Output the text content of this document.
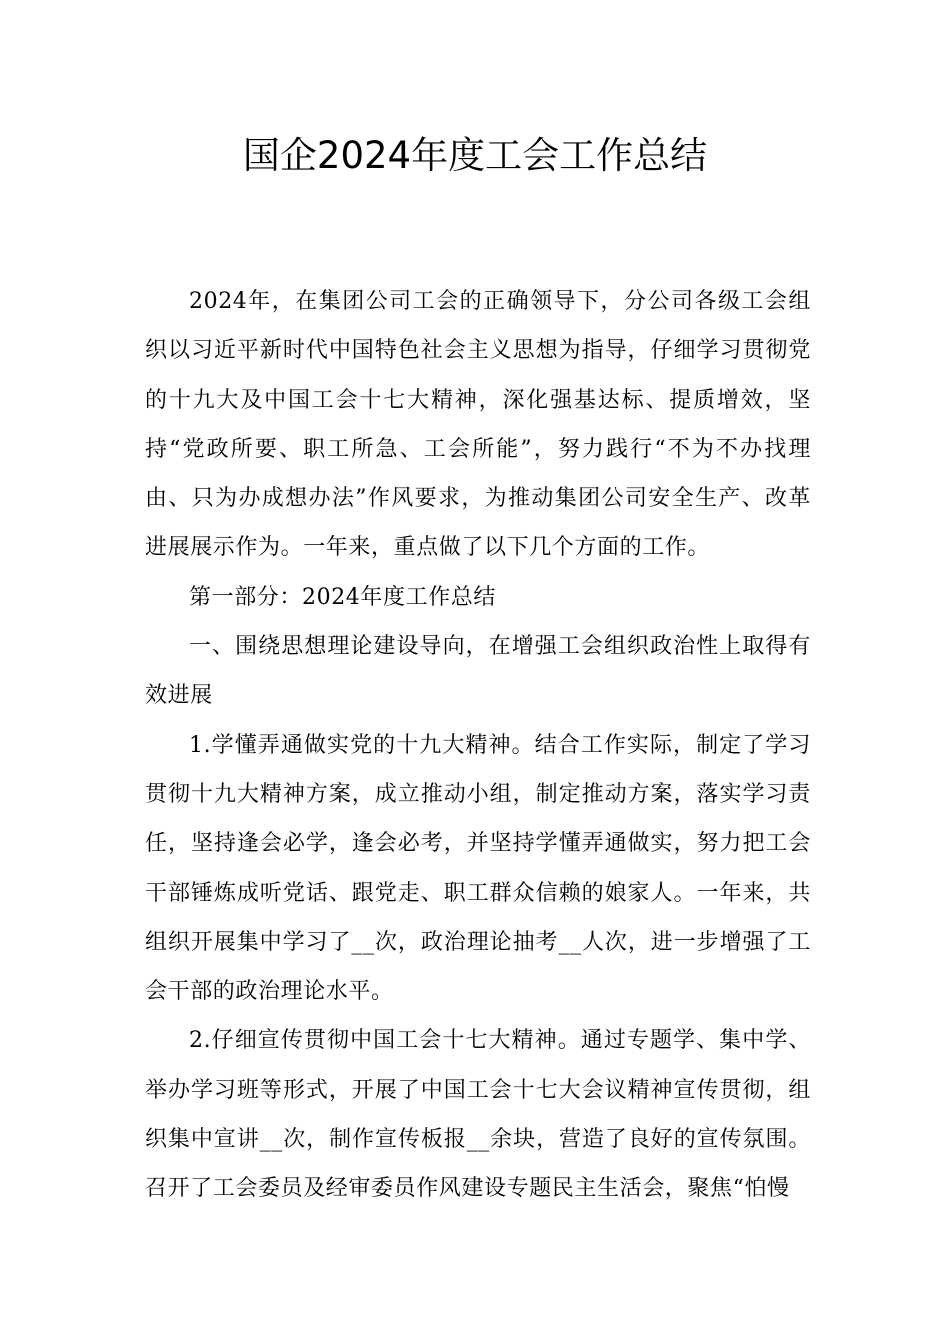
国企2024年度工会工作总结

2024年，在集团公司工会的正确领导下，分公司各级工会组织以习近平新时代中国特色社会主义思想为指导，仔细学习贯彻党的十九大及中国工会十七大精神，深化强基达标、提质增效，坚持“党政所要、职工所急、工会所能”，努力践行“不为不办找理由、只为办成想办法”作风要求，为推动集团公司安全生产、改革进展展示作为。一年来，重点做了以下几个方面的工作。

第一部分：2024年度工作总结

一、围绕思想理论建设导向，在增强工会组织政治性上取得有效进展

1.学懂弄通做实党的十九大精神。结合工作实际，制定了学习贯彻十九大精神方案，成立推动小组，制定推动方案，落实学习责任，坚持逢会必学，逢会必考，并坚持学懂弄通做实，努力把工会干部锤炼成听党话、跟党走、职工群众信赖的娘家人。一年来，共组织开展集中学习了__次，政治理论抽考__人次，进一步增强了工会干部的政治理论水平。

2.仔细宣传贯彻中国工会十七大精神。通过专题学、集中学、举办学习班等形式，开展了中国工会十七大会议精神宣传贯彻，组织集中宣讲__次，制作宣传板报__余块，营造了良好的宣传氛围。召开了工会委员及经审委员作风建设专题民主生活会，聚焦“怕慢
